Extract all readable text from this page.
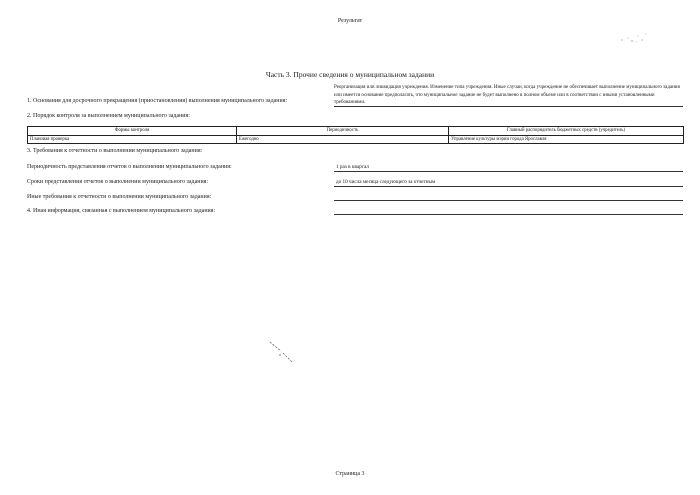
Результат
Часть 3. Прочие сведения о муниципальном задании
Реорганизация или ликвидация учреждения. Изменение типа учреждения. Иные случаи, когда учреждение не обеспечивает выполнение муниципального задания или имеется основание предполагать, что муниципальное задание не будет выполнено в полном объеме или в соответствии с иными установленными требованиями.
1. Основания для досрочного прекращения (приостановления) выполнения муниципального задания:
2. Порядок контроля за выполнением муниципального задания:
Формы контроля	Периодичность	Главный распорядитель бюджетных средств (учредитель)
Плановая проверка	Ежегодно	Управление культуры мэрии города Ярославля
3. Требования к отчетности о выполнении муниципального задания:
Периодичность представления отчетов о выполнении муниципального задания:	1 раз в квартал
Сроки представления отчетов о выполнении муниципального задания:	до 10 числа месяца следующего за отчетным
Иные требования к отчетности о выполнении муниципального задания:
4. Иная информация, связанная с выполнением муниципального задания:
Страница 3
